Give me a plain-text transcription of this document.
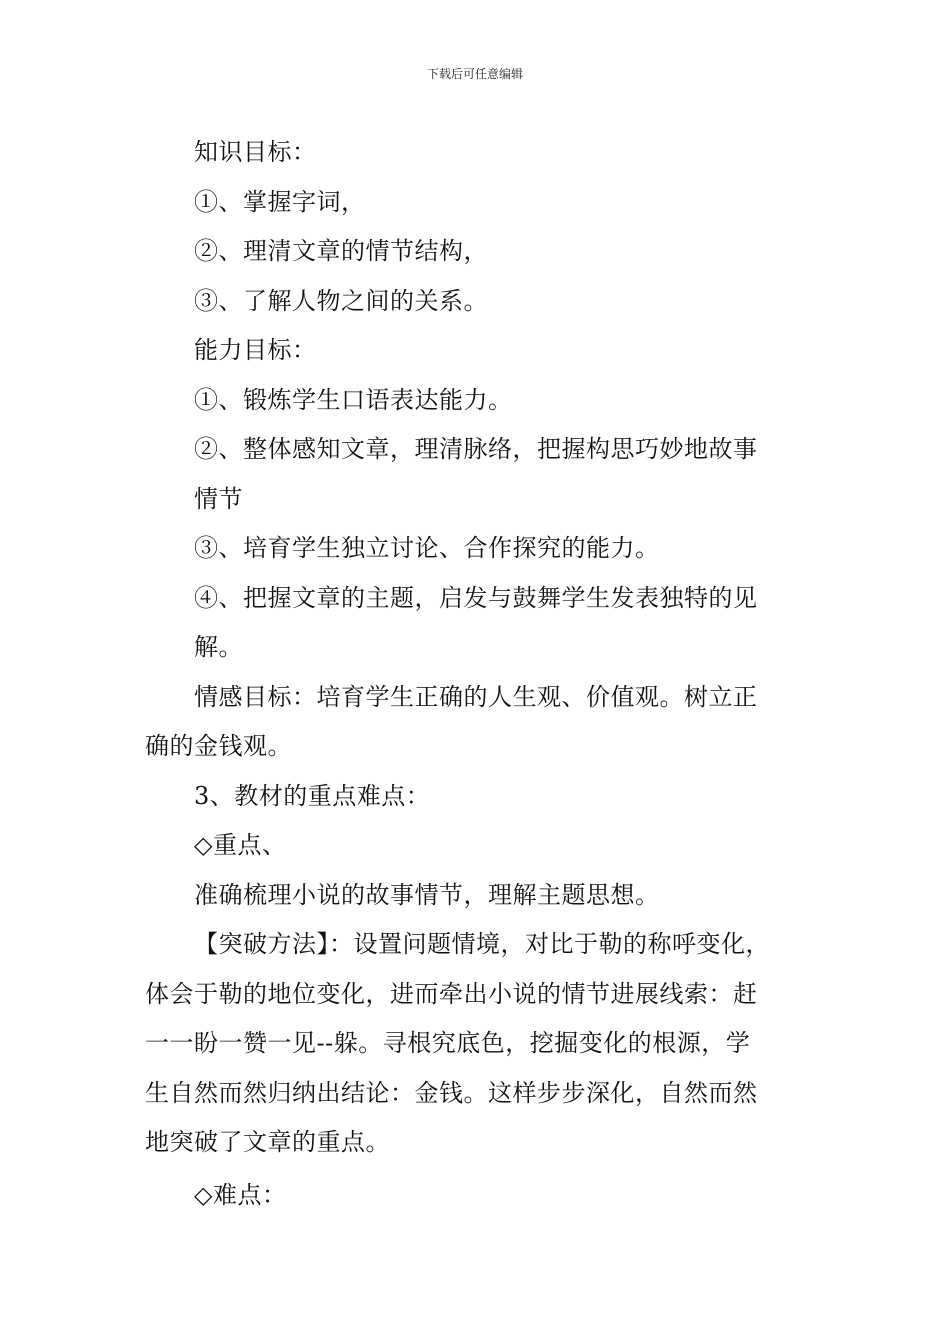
下载后可任意编辑
知识目标：
①、掌握字词，
②、理清文章的情节结构，
③、了解人物之间的关系。
能力目标：
①、锻炼学生口语表达能力。
②、整体感知文章，理清脉络，把握构思巧妙地故事
情节
③、培育学生独立讨论、合作探究的能力。
④、把握文章的主题，启发与鼓舞学生发表独特的见
解。
情感目标：培育学生正确的人生观、价值观。树立正
确的金钱观。
3、教材的重点难点：
◇重点、
准确梳理小说的故事情节，理解主题思想。
【突破方法】：设置问题情境，对比于勒的称呼变化，
体会于勒的地位变化，进而牵出小说的情节进展线索：赶
一一盼一赞一见--躲。寻根究底色，挖掘变化的根源，学
生自然而然归纳出结论：金钱。这样步步深化，自然而然
地突破了文章的重点。
◇难点：
